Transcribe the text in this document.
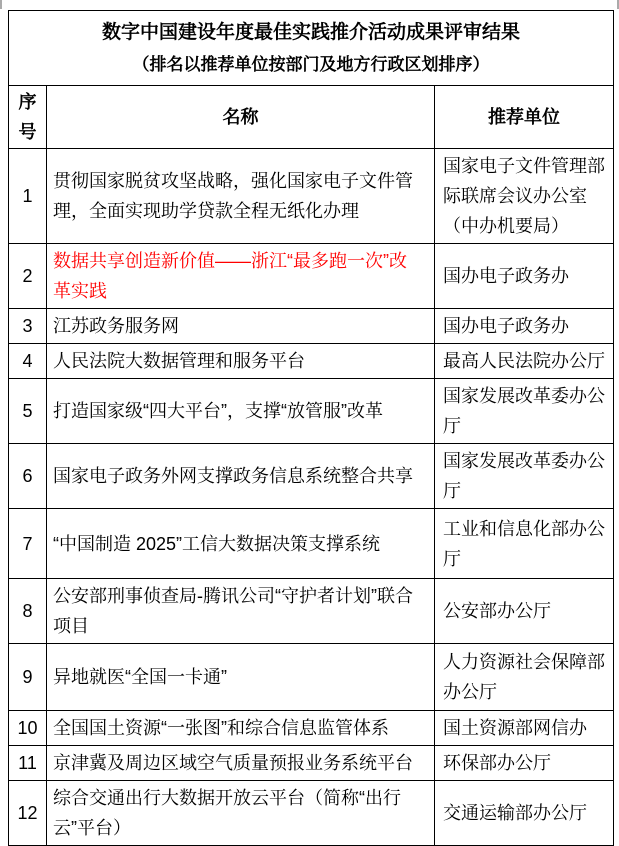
数字中国建设年度最佳实践推介活动成果评审结果
（排名以推荐单位按部门及地方行政区划排序）		

序号	名称	推荐单位
1	贯彻国家脱贫攻坚战略，强化国家电子文件管理，全面实现助学贷款全程无纸化办理	国家电子文件管理部际联席会议办公室（中办机要局）
2	数据共享创造新价值——浙江“最多跑一次”改革实践	国办电子政务办
3	江苏政务服务网	国办电子政务办
4	人民法院大数据管理和服务平台	最高人民法院办公厅
5	打造国家级“四大平台”，支撑“放管服”改革	国家发展改革委办公厅
6	国家电子政务外网支撑政务信息系统整合共享	国家发展改革委办公厅
7	“中国制造 2025”工信大数据决策支撑系统	工业和信息化部办公厅
8	公安部刑事侦查局-腾讯公司“守护者计划”联合项目	公安部办公厅
9	异地就医“全国一卡通”	人力资源社会保障部办公厅
10	全国国土资源“一张图”和综合信息监管体系	国土资源部网信办
11	京津冀及周边区域空气质量预报业务系统平台	环保部办公厅
12	综合交通出行大数据开放云平台（简称“出行云”平台）	交通运输部办公厅
